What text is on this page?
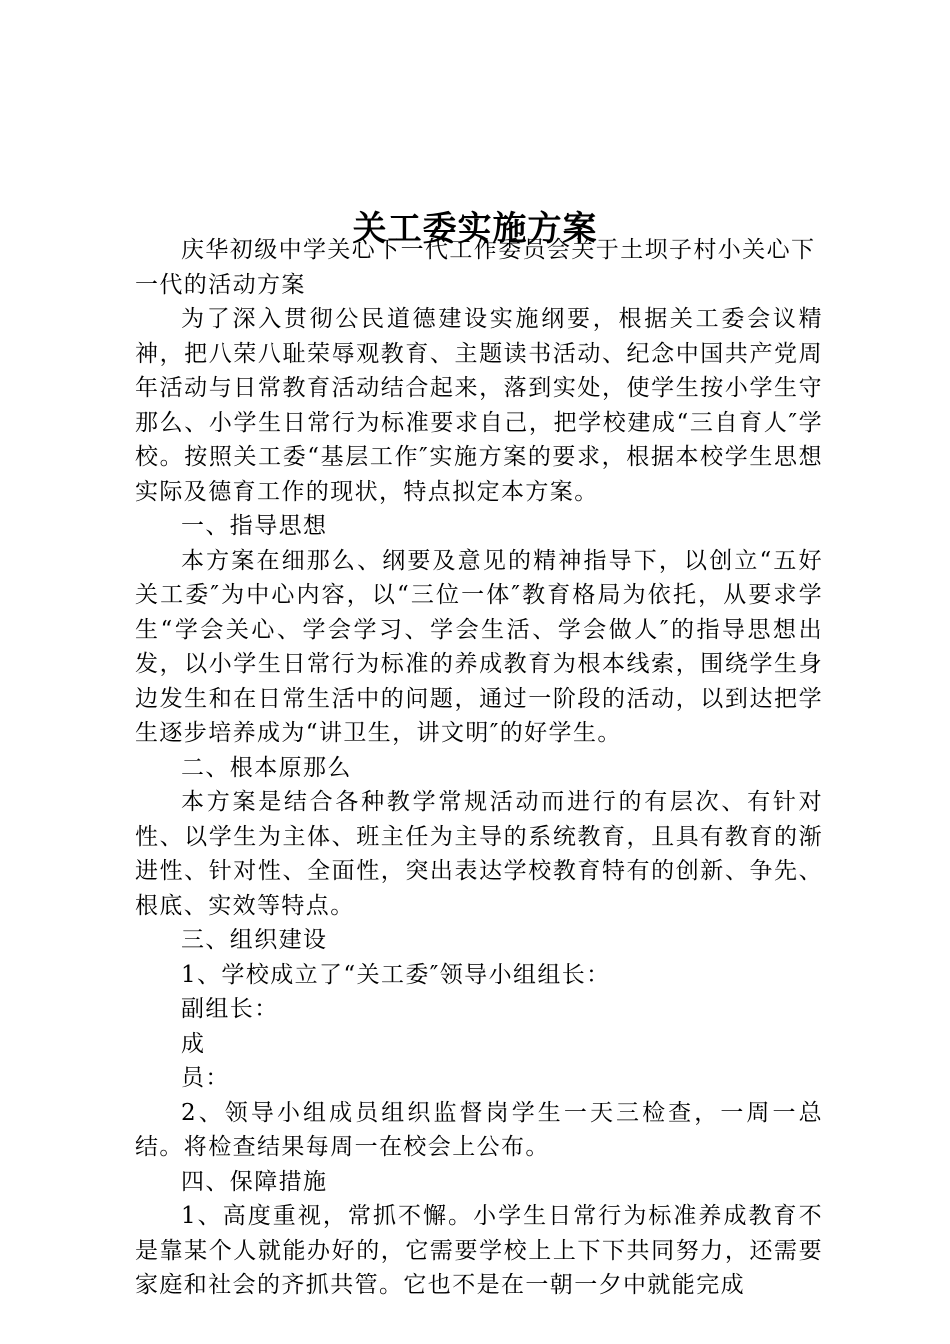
关工委实施方案

庆华初级中学关心下一代工作委员会关于土坝子村小关心下一代的活动方案

为了深入贯彻公民道德建设实施纲要，根据关工委会议精神，把八荣八耻荣辱观教育、主题读书活动、纪念中国共产党周年活动与日常教育活动结合起来，落到实处，使学生按小学生守那么、小学生日常行为标准要求自己，把学校建成“三自育人″学校。按照关工委“基层工作″实施方案的要求，根据本校学生思想实际及德育工作的现状，特点拟定本方案。

一、指导思想

本方案在细那么、纲要及意见的精神指导下，以创立“五好关工委″为中心内容，以“三位一体″教育格局为依托，从要求学生“学会关心、学会学习、学会生活、学会做人″的指导思想出发，以小学生日常行为标准的养成教育为根本线索，围绕学生身边发生和在日常生活中的问题，通过一阶段的活动，以到达把学生逐步培养成为“讲卫生，讲文明″的好学生。

二、根本原那么

本方案是结合各种教学常规活动而进行的有层次、有针对性、以学生为主体、班主任为主导的系统教育，且具有教育的渐进性、针对性、全面性，突出表达学校教育特有的创新、争先、根底、实效等特点。

三、组织建设

1、学校成立了“关工委″领导小组组长：

副组长：

成

员：

2、领导小组成员组织监督岗学生一天三检查，一周一总结。将检查结果每周一在校会上公布。

四、保障措施

1、高度重视，常抓不懈。小学生日常行为标准养成教育不是靠某个人就能办好的，它需要学校上上下下共同努力，还需要家庭和社会的齐抓共管。它也不是在一朝一夕中就能完成
